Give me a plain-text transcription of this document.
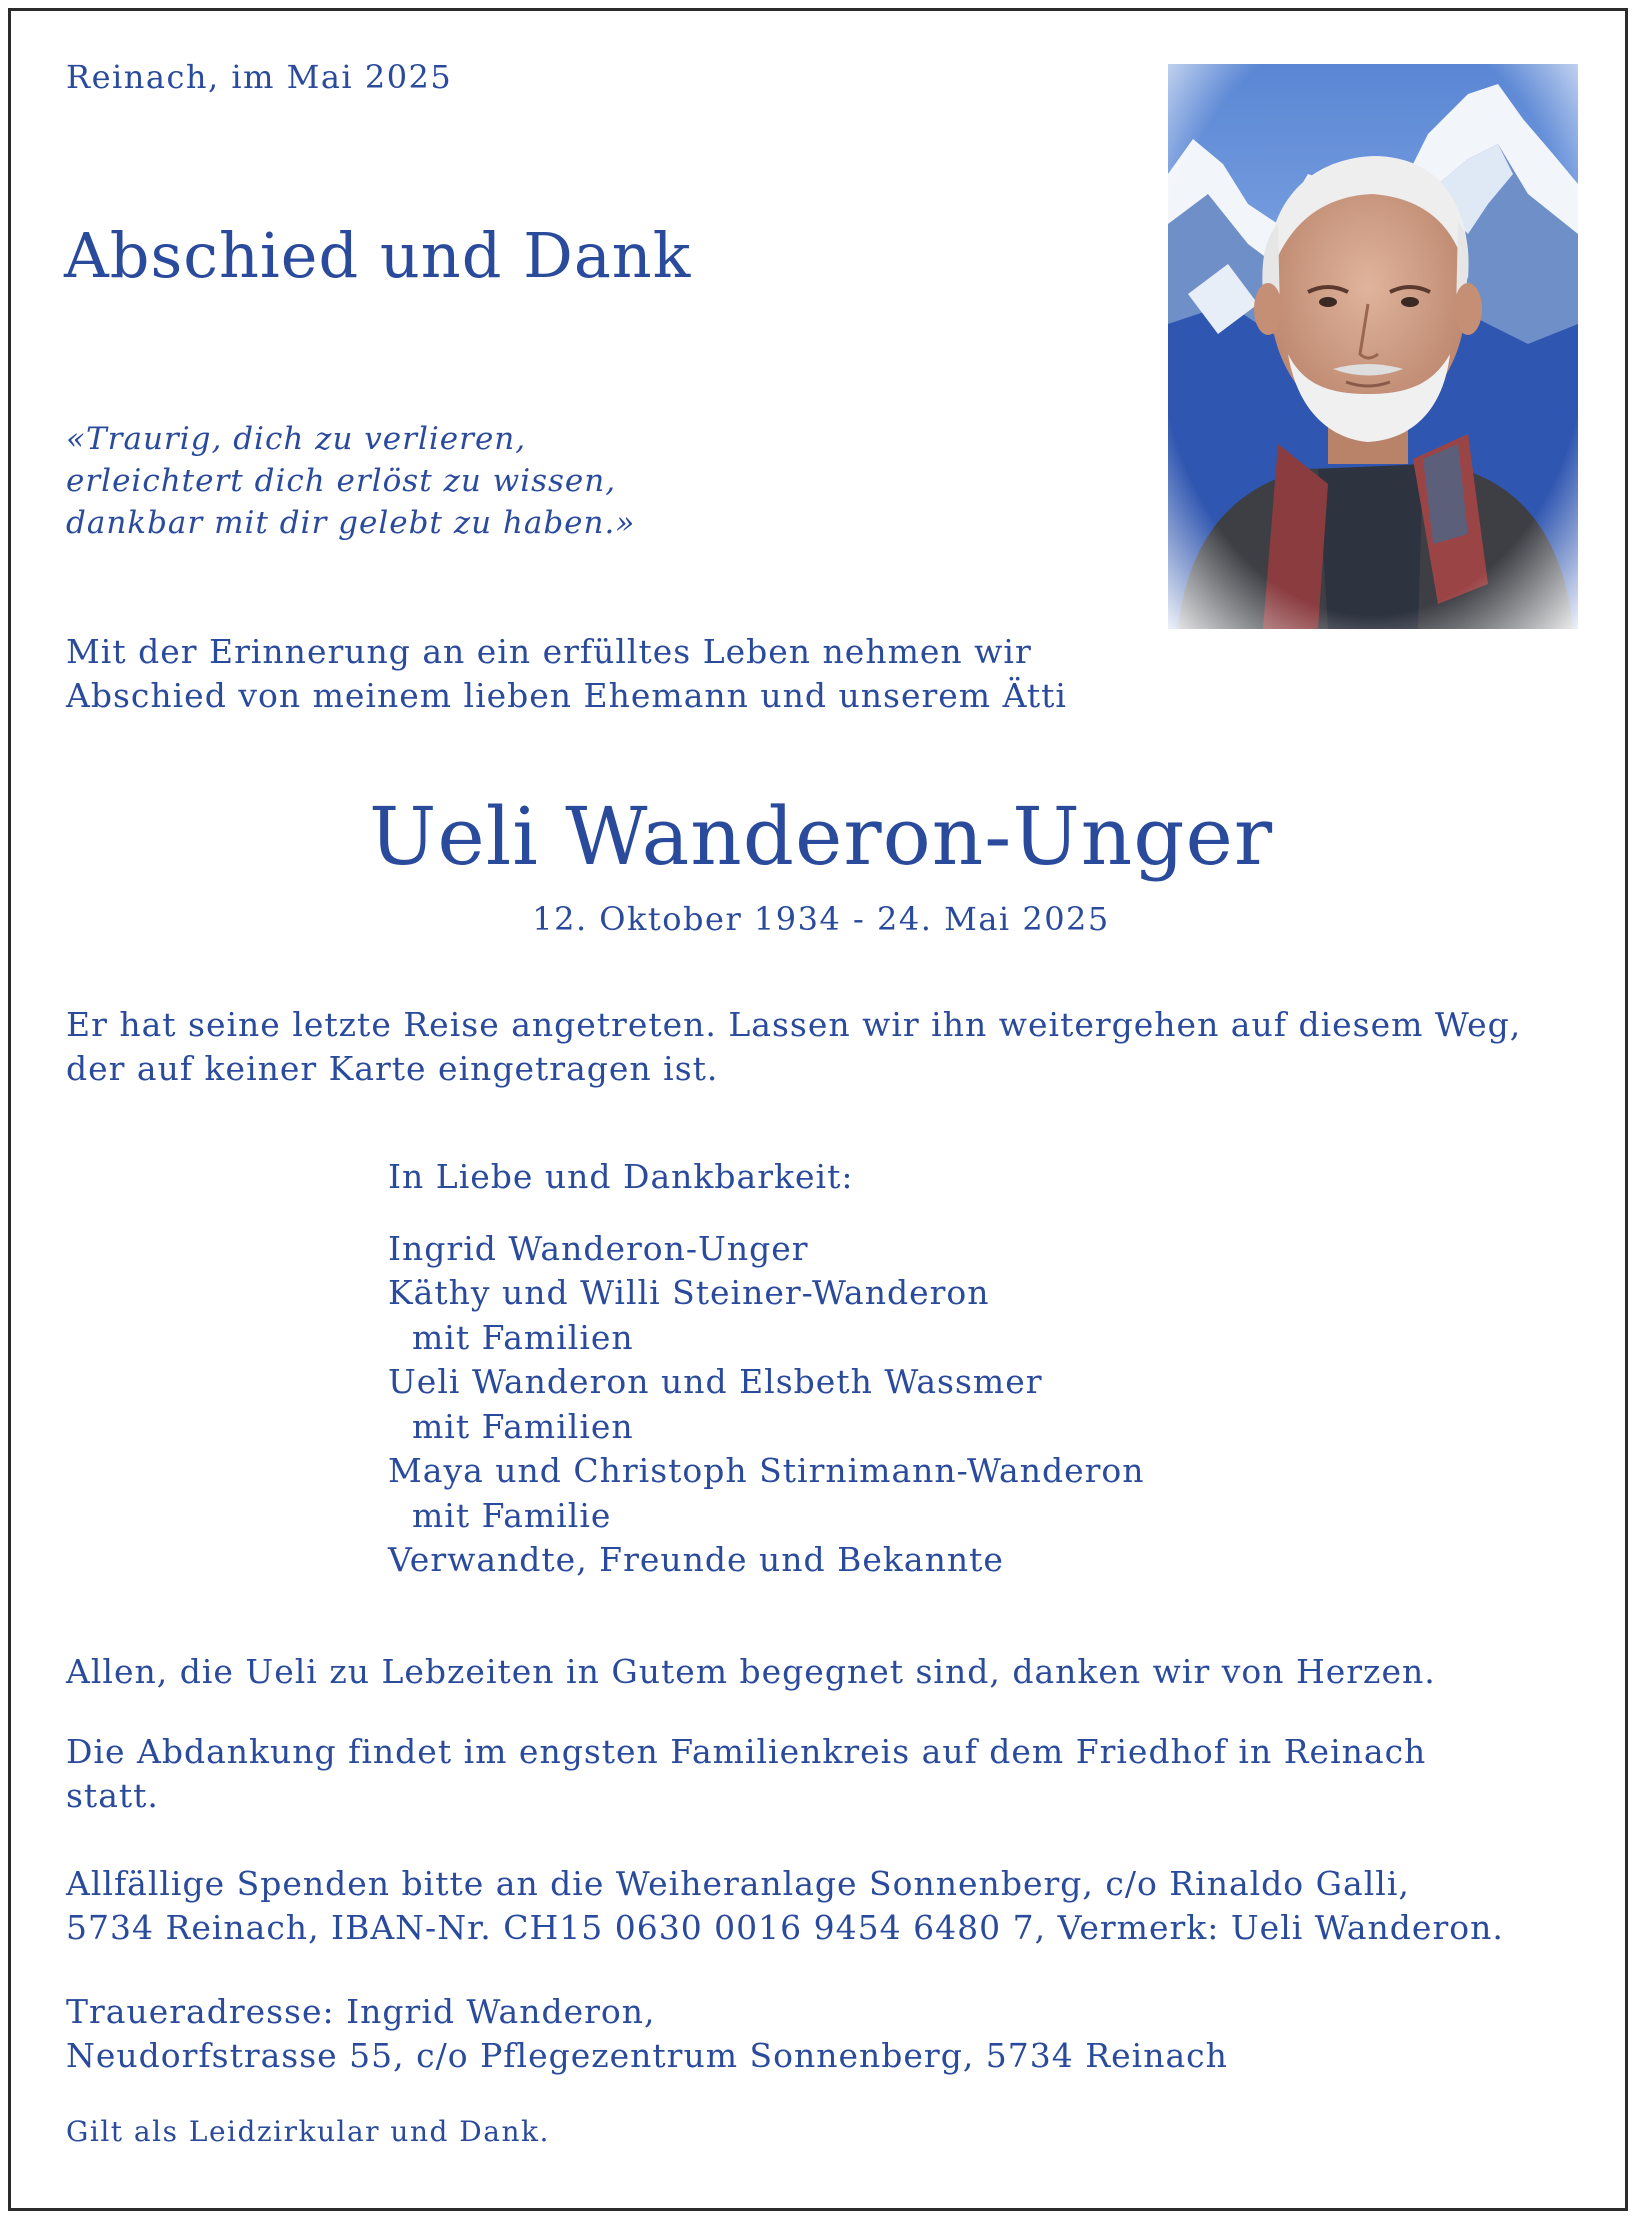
Reinach, im Mai 2025

Abschied und Dank
«Traurig, dich zu verlieren,
erleichtert dich erlöst zu wissen,
dankbar mit dir gelebt zu haben.»
Mit der Erinnerung an ein erfülltes Leben nehmen wir
Abschied von meinem lieben Ehemann und unserem Ätti
Ueli Wanderon-Unger

12. Oktober 1934 - 24. Mai 2025

Er hat seine letzte Reise angetreten. Lassen wir ihn weitergehen auf diesem Weg,
der auf keiner Karte eingetragen ist.
In Liebe und Dankbarkeit:
Ingrid Wanderon-Unger
Käthy und Willi Steiner-Wanderon
mit Familien
Ueli Wanderon und Elsbeth Wassmer
mit Familien
Maya und Christoph Stirnimann-Wanderon
mit Familie
Verwandte, Freunde und Bekannte

Allen, die Ueli zu Lebzeiten in Gutem begegnet sind, danken wir von Herzen.

Die Abdankung findet im engsten Familienkreis auf dem Friedhof in Reinach
statt.
Allfällige Spenden bitte an die Weiheranlage Sonnenberg, c/o Rinaldo Galli,
5734 Reinach, IBAN-Nr. CH15 0630 0016 9454 6480 7, Vermerk: Ueli Wanderon.
Traueradresse: Ingrid Wanderon,
Neudorfstrasse 55, c/o Pflegezentrum Sonnenberg, 5734 Reinach

Gilt als Leidzirkular und Dank.
